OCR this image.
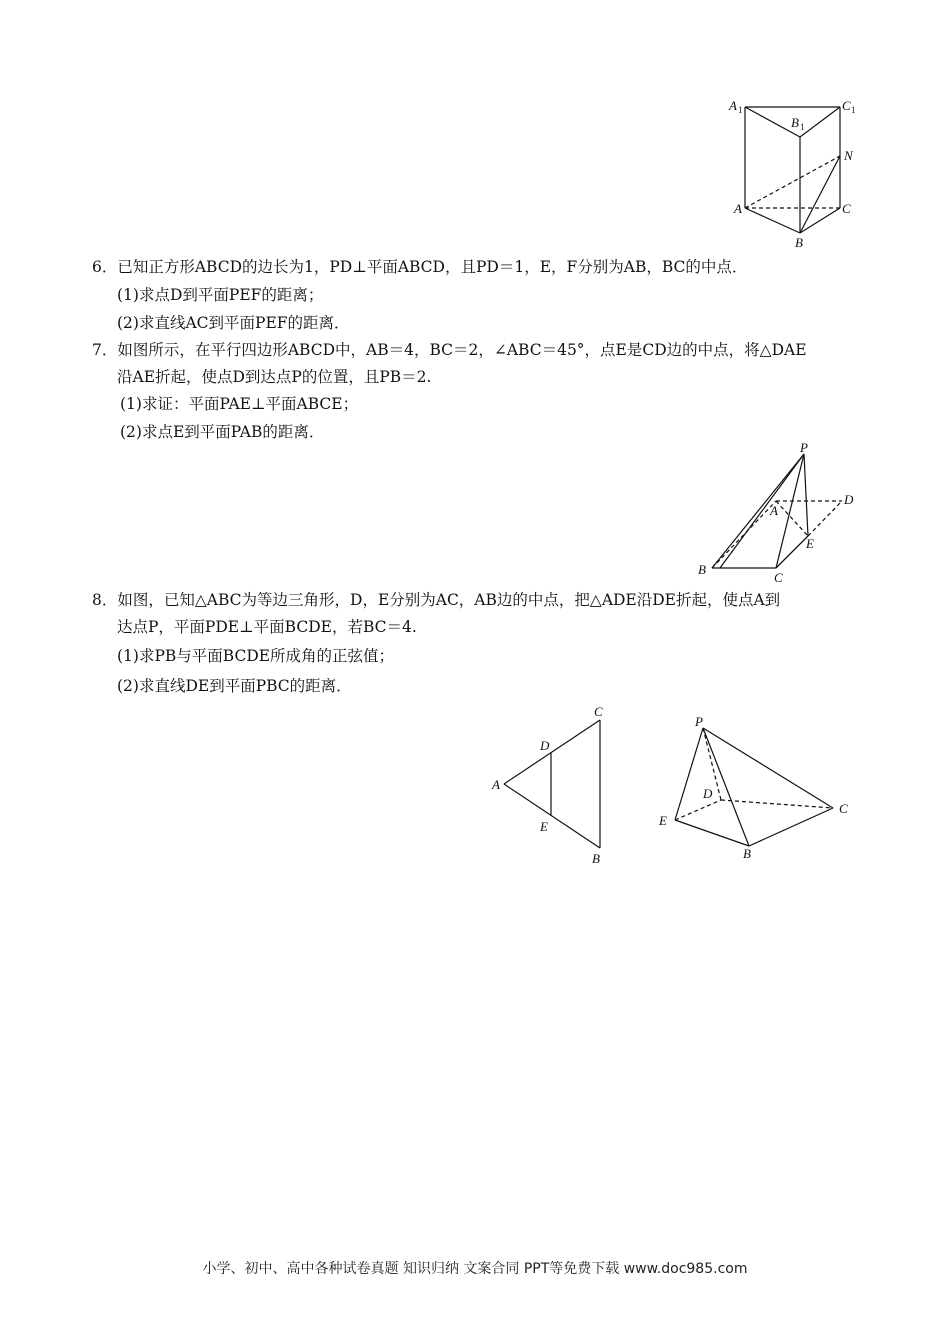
A 1
B 1
C 1
N
A	C
B
6．已知正方形ABCD的边长为1，PD⊥平面ABCD，且PD＝1，E，F分别为AB，BC的中点．
(1)求点D到平面PEF的距离；
(2)求直线AC到平面PEF的距离．
7．如图所示，在平行四边形ABCD中，AB＝4，BC＝2，∠ABC＝45°，点E是CD边的中点，将△DAE
沿AE折起，使点D到达点P的位置，且PB＝2.
(1)求证：平面PAE⊥平面ABCE；
(2)求点E到平面PAB的距离．
P
A
D
E
B
C
8．如图，已知△ABC为等边三角形，D，E分别为AC，AB边的中点，把△ADE沿DE折起，使点A到
达点P，平面PDE⊥平面BCDE，若BC＝4.
(1)求PB与平面BCDE所成角的正弦值；
(2)求直线DE到平面PBC的距离．
C
D
A
E
B
P
D
C
E
B
小学、初中、高中各种试卷真题 知识归纳 文案合同 PPT等免费下载 www.doc985.com
